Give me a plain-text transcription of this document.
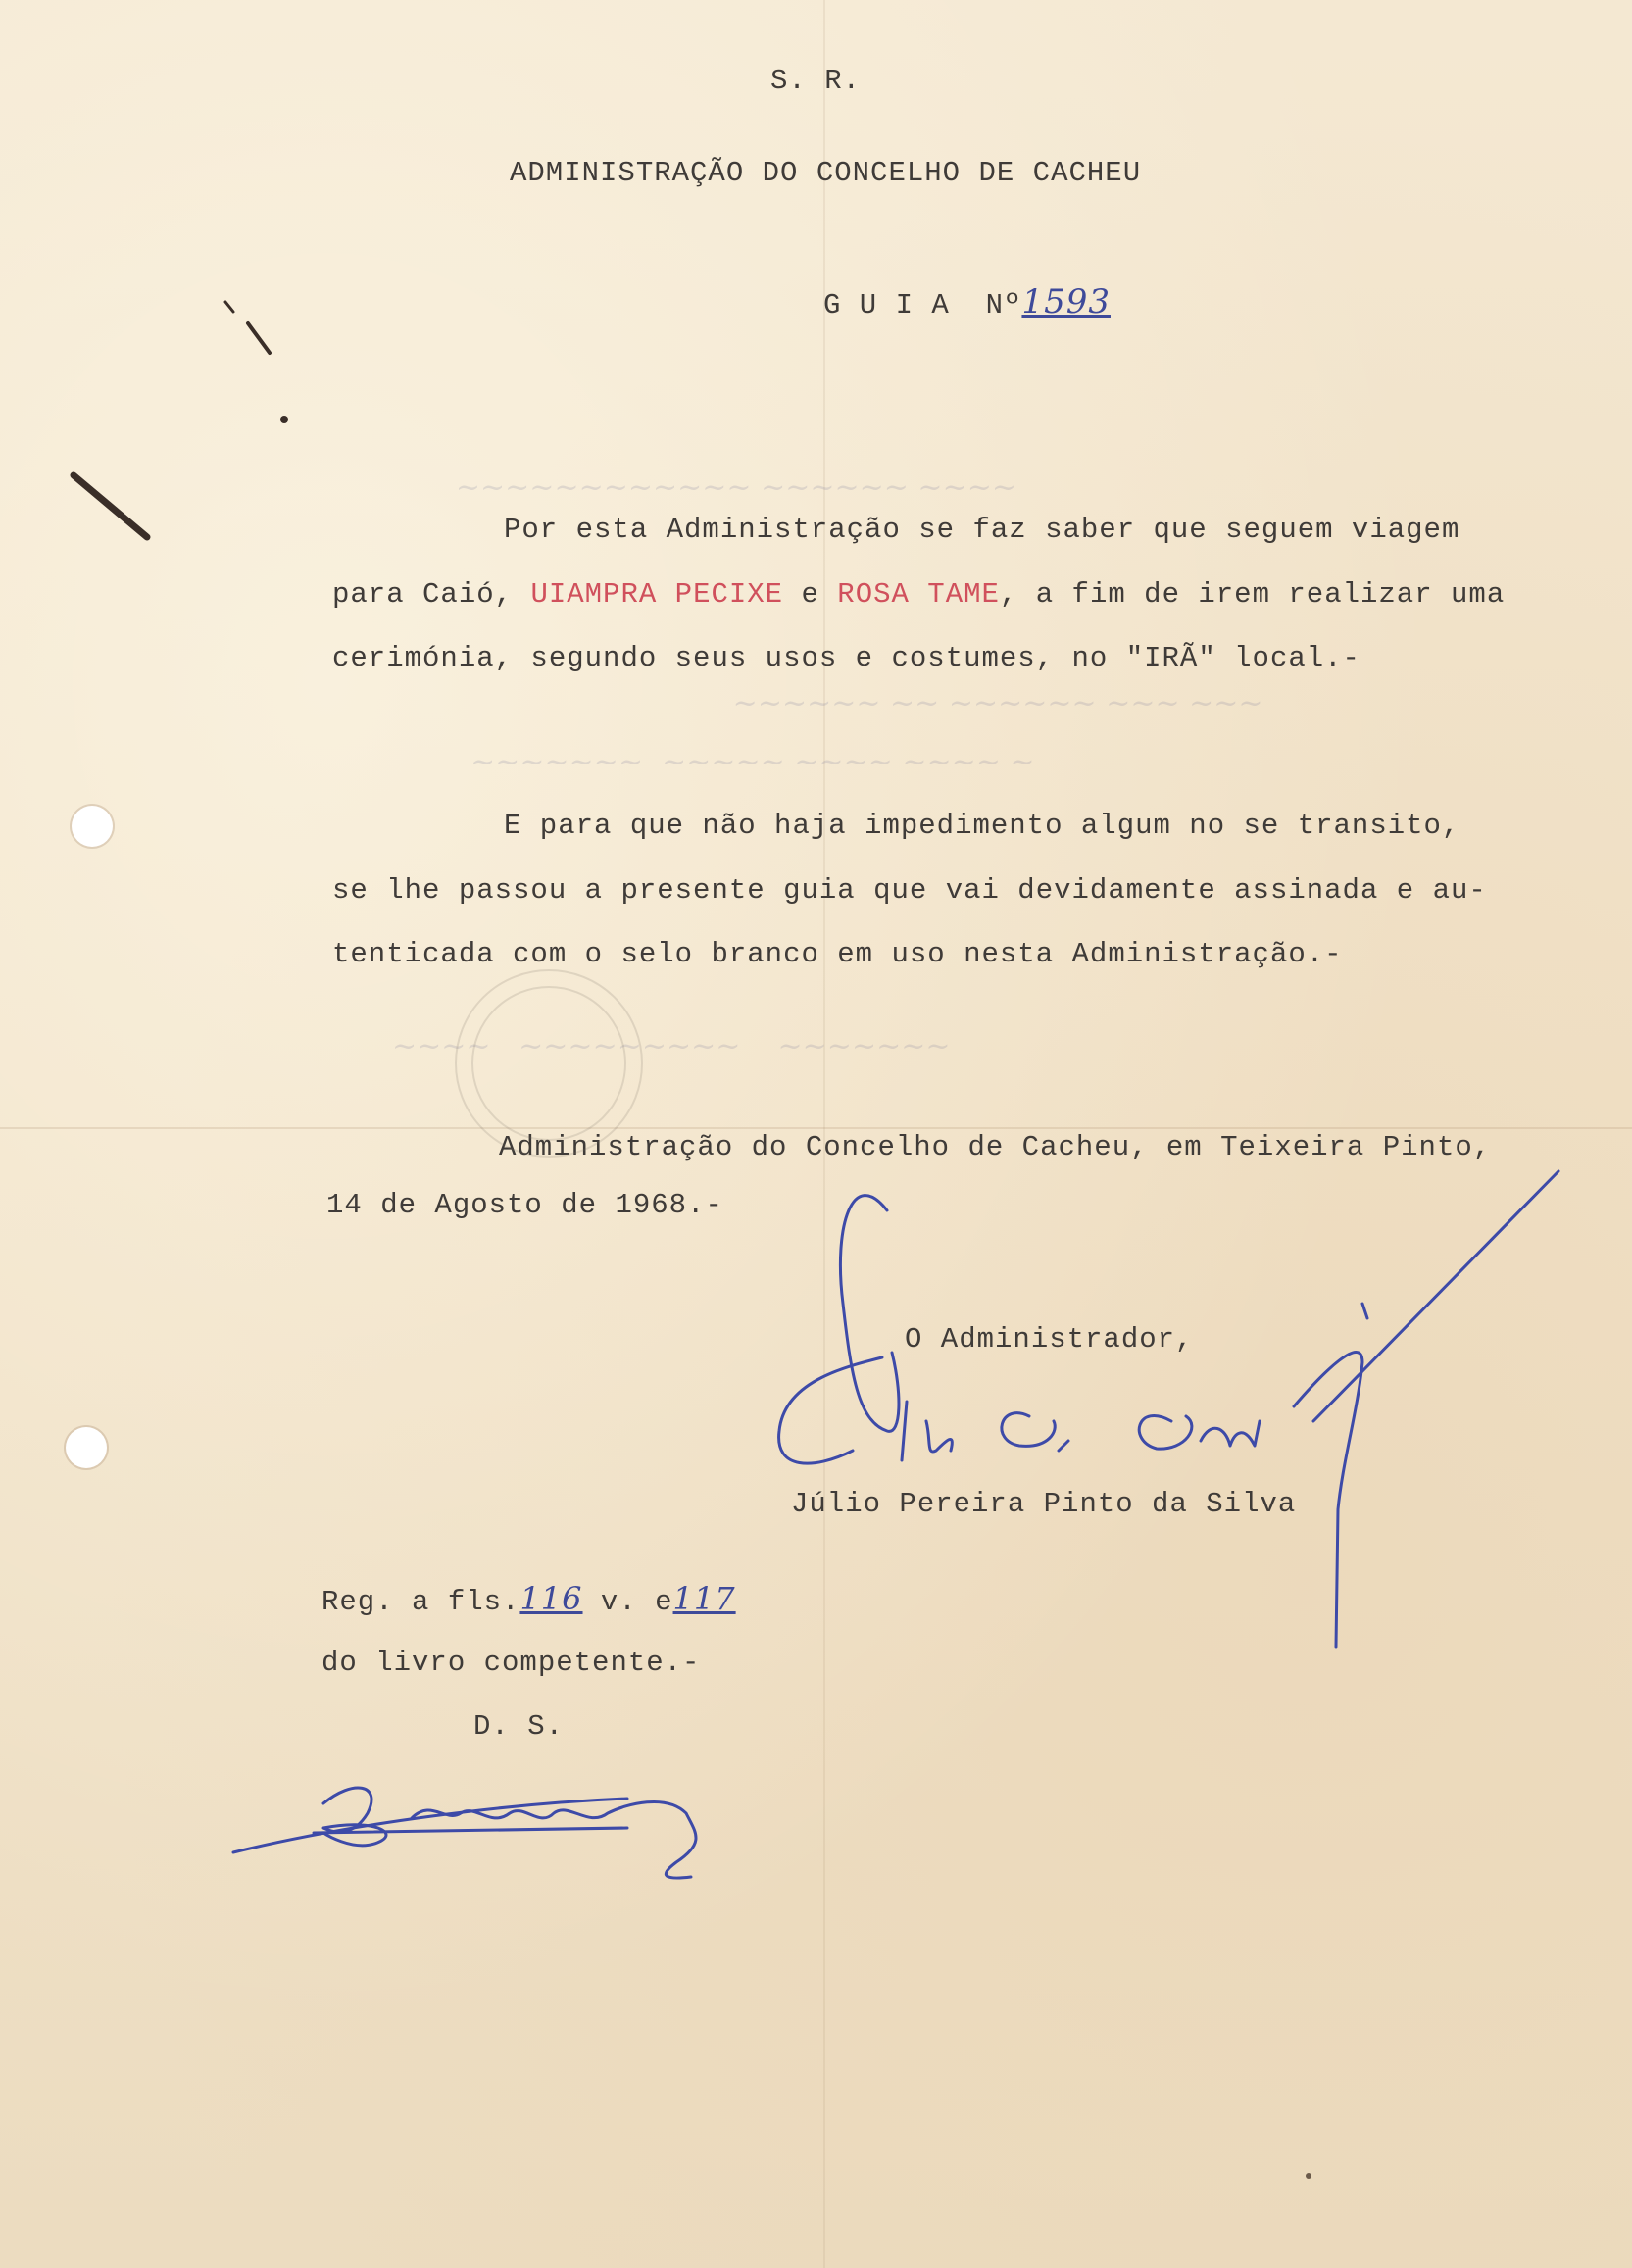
~~~~~~~~~~~~ ~~~~~~ ~~~~
~~~~~~ ~~ ~~~~~~ ~~~ ~~~
~~~~~~~  ~~~~~ ~~~~ ~~~~ ~
~~~~   ~~~~~~~~~    ~~~~~~~
S. R.
ADMINISTRAÇÃO DO CONCELHO DE CACHEU
G U I A  Nº1593
Por esta Administração se faz saber que seguem viagem
para Caió, UIAMPRA PECIXE e ROSA TAME, a fim de irem realizar uma
cerimónia, segundo seus usos e costumes, no "IRÃ" local.-
E para que não haja impedimento algum no se transito,
se lhe passou a presente guia que vai devidamente assinada e au-
tenticada com o selo branco em uso nesta Administração.-
Administração do Concelho de Cacheu, em Teixeira Pinto,
14 de Agosto de 1968.-
O Administrador,
Júlio Pereira Pinto da Silva
Reg. a fls.116 v. e117
do livro competente.-
D. S.
